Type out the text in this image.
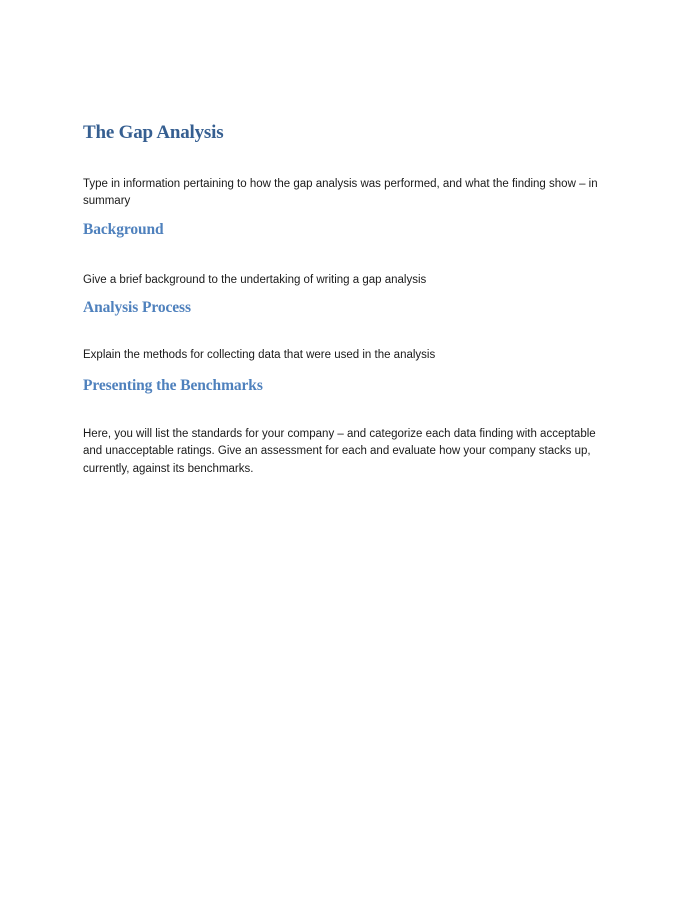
The Gap Analysis

Type in information pertaining to how the gap analysis was performed, and what the finding show – in summary

Background

Give a brief background to the undertaking of writing a gap analysis

Analysis Process

Explain the methods for collecting data that were used in the analysis

Presenting the Benchmarks

Here, you will list the standards for your company – and categorize each data finding with acceptable and unacceptable ratings. Give an assessment for each and evaluate how your company stacks up, currently, against its benchmarks.
